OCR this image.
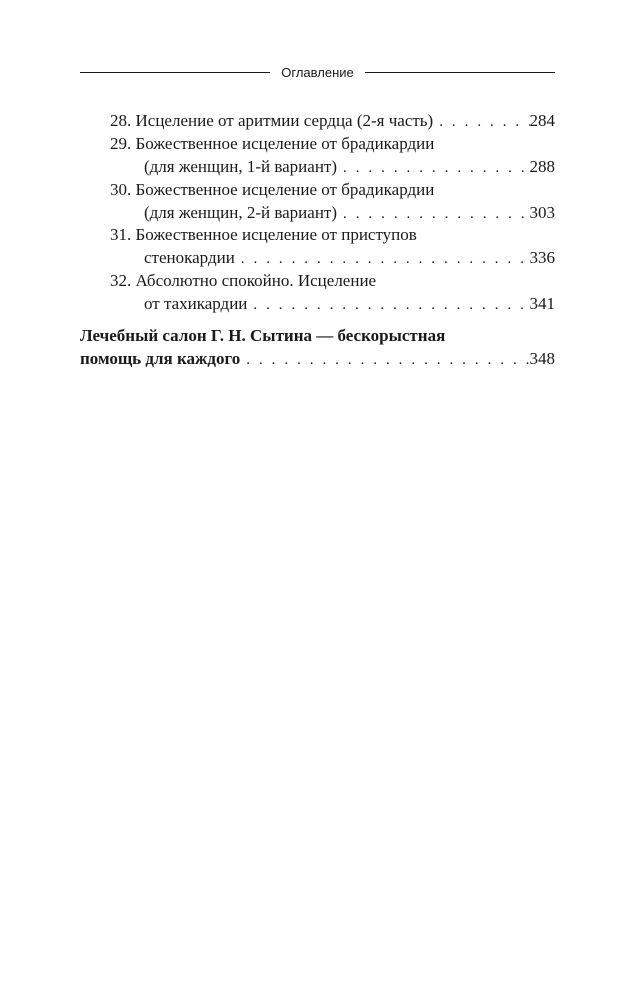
Оглавление
28. Исцеление от аритмии сердца (2-я часть) . . .	284
29. Божественное исцеление от брадикардии
(для женщин, 1-й вариант) . . .	288
30. Божественное исцеление от брадикардии
(для женщин, 2-й вариант) . . .	303
31. Божественное исцеление от приступов
стенокардии . . .	336
32. Абсолютно спокойно. Исцеление
от тахикардии . . .	341
Лечебный салон Г. Н. Сытина — бескорыстная
помощь для каждого . . .	348
